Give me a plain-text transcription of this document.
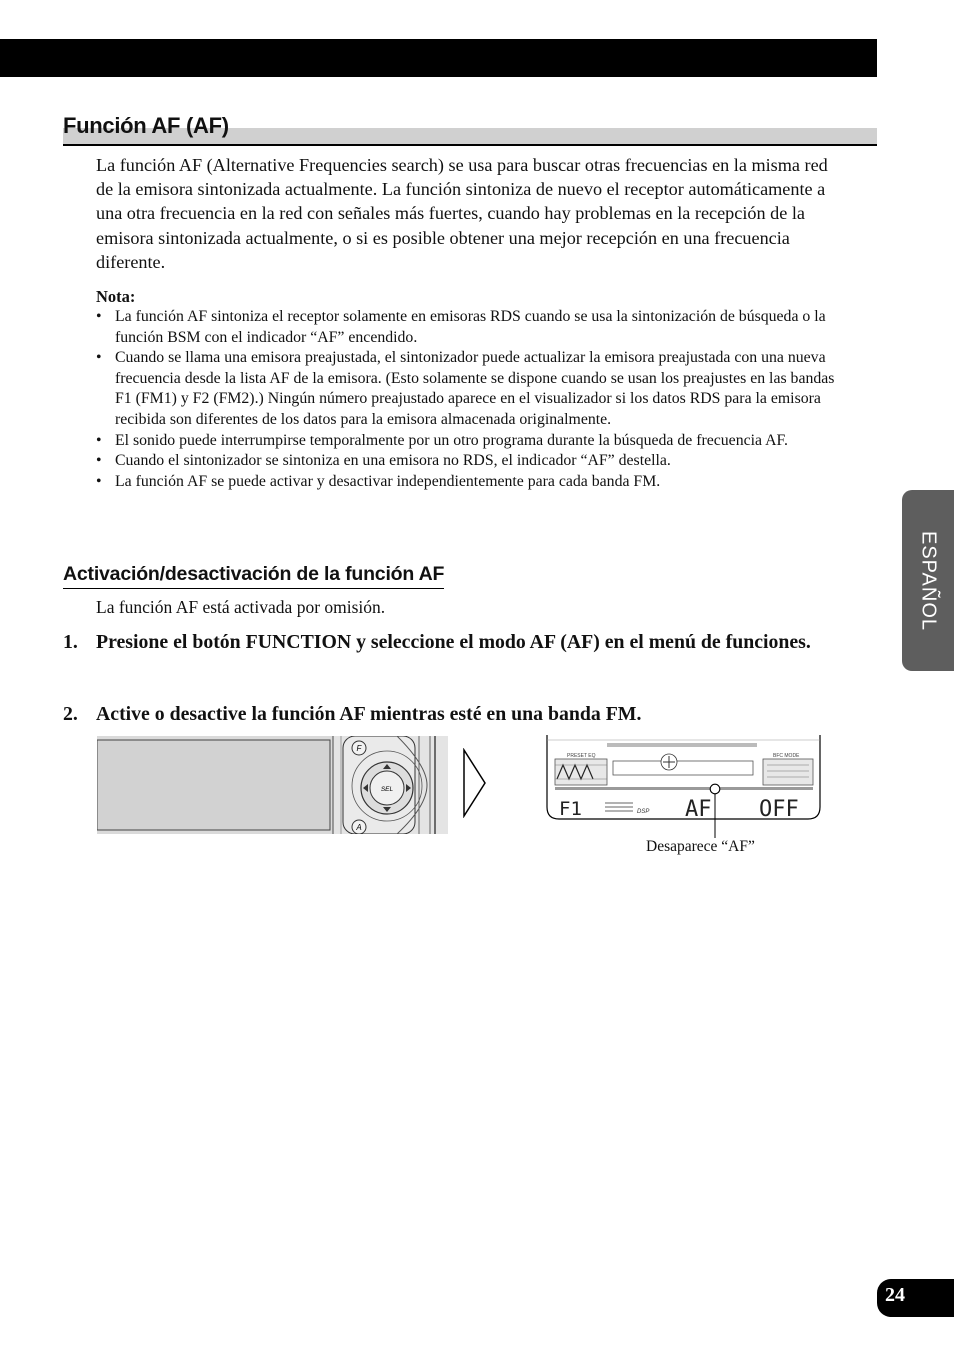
Función AF (AF)

La función AF (Alternative Frequencies search) se usa para buscar otras frecuencias en la misma red de la emisora sintonizada actualmente. La función sintoniza de nuevo el receptor automáticamente a una otra frecuencia en la red con señales más fuertes, cuando hay problemas en la recepción de la emisora sintonizada actualmente, o si es posible obtener una mejor recepción en una frecuencia diferente.

Nota:
• La función AF sintoniza el receptor solamente en emisoras RDS cuando se usa la sintonización de búsqueda o la función BSM con el indicador “AF” encendido.
• Cuando se llama una emisora preajustada, el sintonizador puede actualizar la emisora preajustada con una nueva frecuencia desde la lista AF de la emisora. (Esto solamente se dispone cuando se usan los preajustes en las bandas F1 (FM1) y F2 (FM2).) Ningún número preajustado aparece en el visualizador si los datos RDS para la emisora recibida son diferentes de los datos para la emisora almacenada originalmente.
• El sonido puede interrumpirse temporalmente por un otro programa durante la búsqueda de frecuencia AF.
• Cuando el sintonizador se sintoniza en una emisora no RDS, el indicador “AF” destella.
• La función AF se puede activar y desactivar independientemente para cada banda FM.
Activación/desactivación de la función AF
La función AF está activada por omisión.
1. Presione el botón FUNCTION y seleccione el modo AF (AF) en el menú de funciones.
2. Active o desactive la función AF mientras esté en una banda FM.
F
SEL
A
PRESET EQ	BFC MODE
F1	DSP AF OFF
Desaparece “AF”
ESPAÑOL
24
